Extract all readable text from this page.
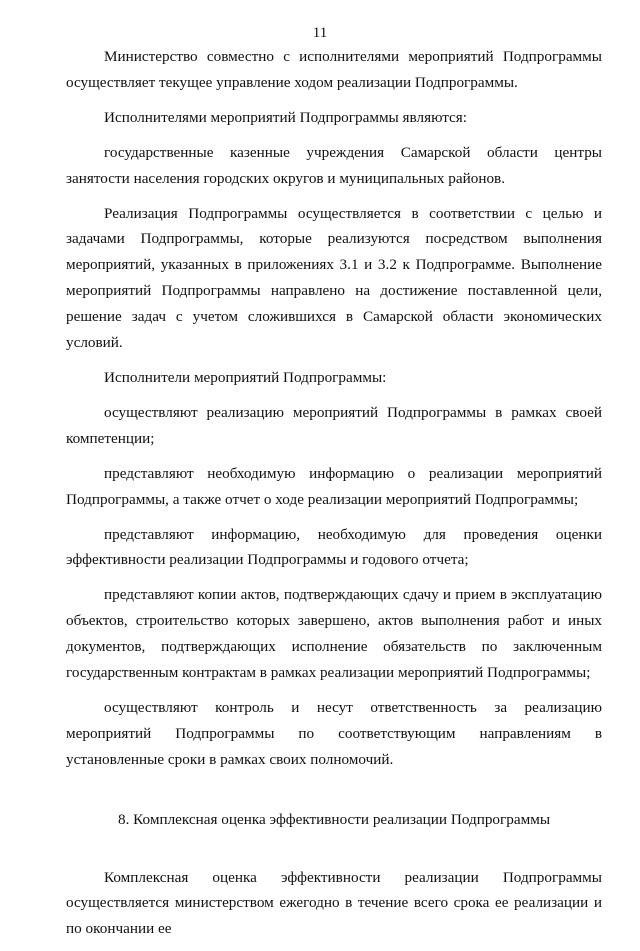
11

Министерство совместно с исполнителями мероприятий Подпрограммы осуществляет текущее управление ходом реализации Подпрограммы.

Исполнителями мероприятий Подпрограммы являются:

государственные казенные учреждения Самарской области центры занятости населения городских округов и муниципальных районов.

Реализация Подпрограммы осуществляется в соответствии с целью и задачами Подпрограммы, которые реализуются посредством выполнения мероприятий, указанных в приложениях 3.1 и 3.2 к Подпрограмме. Выполнение мероприятий Подпрограммы направлено на достижение поставленной цели, решение задач с учетом сложившихся в Самарской области экономических условий.

Исполнители мероприятий Подпрограммы:

осуществляют реализацию мероприятий Подпрограммы в рамках своей компетенции;

представляют необходимую информацию о реализации мероприятий Подпрограммы, а также отчет о ходе реализации мероприятий Подпрограммы;

представляют информацию, необходимую для проведения оценки эффективности реализации Подпрограммы и годового отчета;

представляют копии актов, подтверждающих сдачу и прием в эксплуатацию объектов, строительство которых завершено, актов выполнения работ и иных документов, подтверждающих исполнение обязательств по заключенным государственным контрактам в рамках реализации мероприятий Подпрограммы;

осуществляют контроль и несут ответственность за реализацию мероприятий Подпрограммы по соответствующим направлениям в установленные сроки в рамках своих полномочий.

8. Комплексная оценка эффективности реализации Подпрограммы

Комплексная оценка эффективности реализации Подпрограммы осуществляется министерством ежегодно в течение всего срока ее реализации и по окончании ее
